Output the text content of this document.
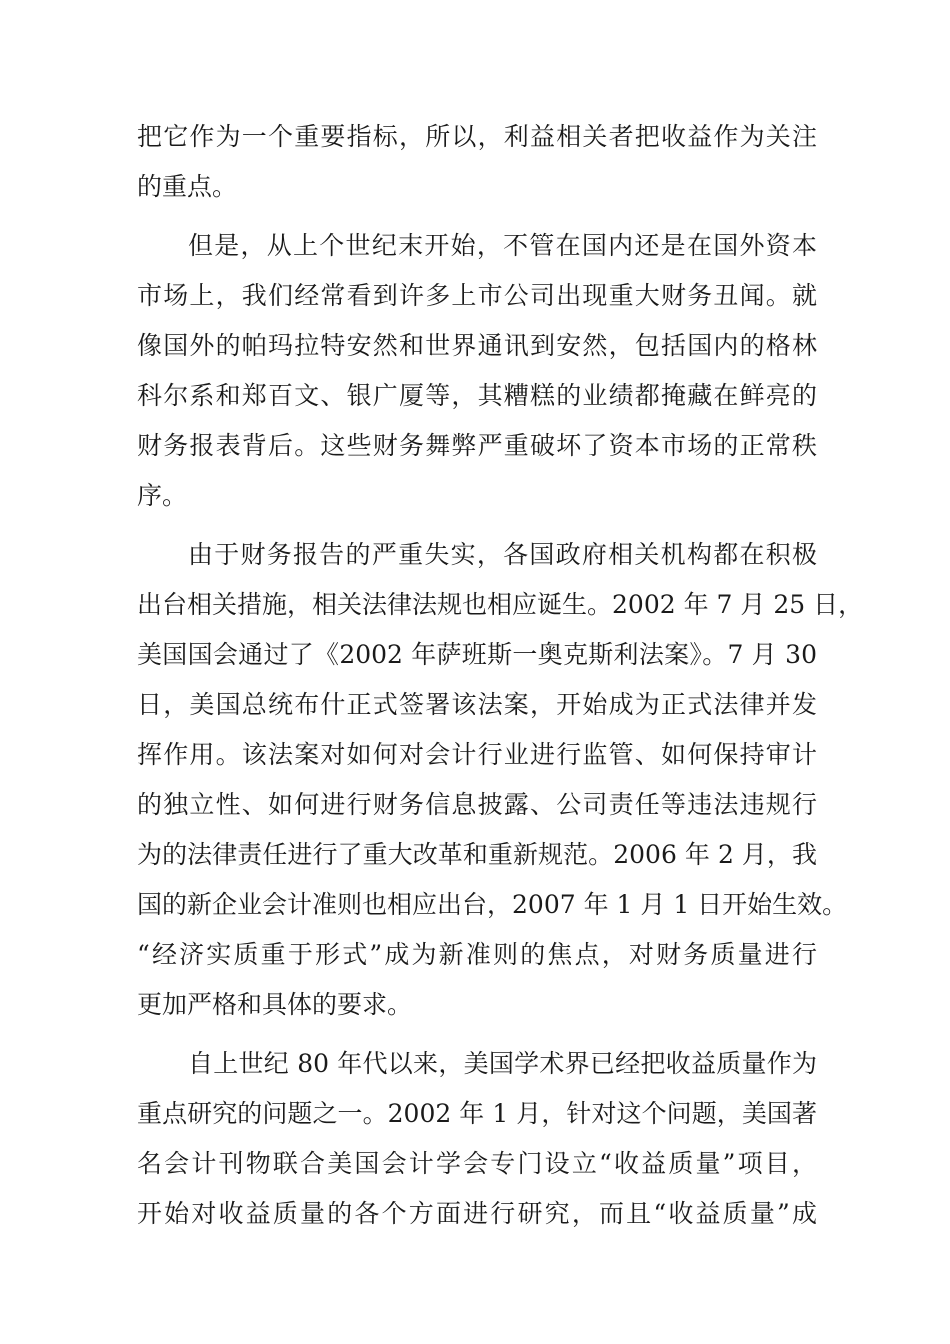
把它作为一个重要指标，所以，利益相关者把收益作为关注
的重点。
但是，从上个世纪末开始，不管在国内还是在国外资本
市场上，我们经常看到许多上市公司出现重大财务丑闻。就
像国外的帕玛拉特安然和世界通讯到安然，包括国内的格林
科尔系和郑百文、银广厦等，其糟糕的业绩都掩藏在鲜亮的
财务报表背后。这些财务舞弊严重破坏了资本市场的正常秩
序。
由于财务报告的严重失实，各国政府相关机构都在积极
出台相关措施，相关法律法规也相应诞生。2002 年 7 月 25 日，
美国国会通过了《2002 年萨班斯一奥克斯利法案》。7 月 30
日，美国总统布什正式签署该法案，开始成为正式法律并发
挥作用。该法案对如何对会计行业进行监管、如何保持审计
的独立性、如何进行财务信息披露、公司责任等违法违规行
为的法律责任进行了重大改革和重新规范。2006 年 2 月，我
国的新企业会计准则也相应出台，2007 年 1 月 1 日开始生效。
“经济实质重于形式”成为新准则的焦点，对财务质量进行
更加严格和具体的要求。
自上世纪 80 年代以来，美国学术界已经把收益质量作为
重点研究的问题之一。2002 年 1 月，针对这个问题，美国著
名会计刊物联合美国会计学会专门设立“收益质量”项目，
开始对收益质量的各个方面进行研究，而且“收益质量”成
